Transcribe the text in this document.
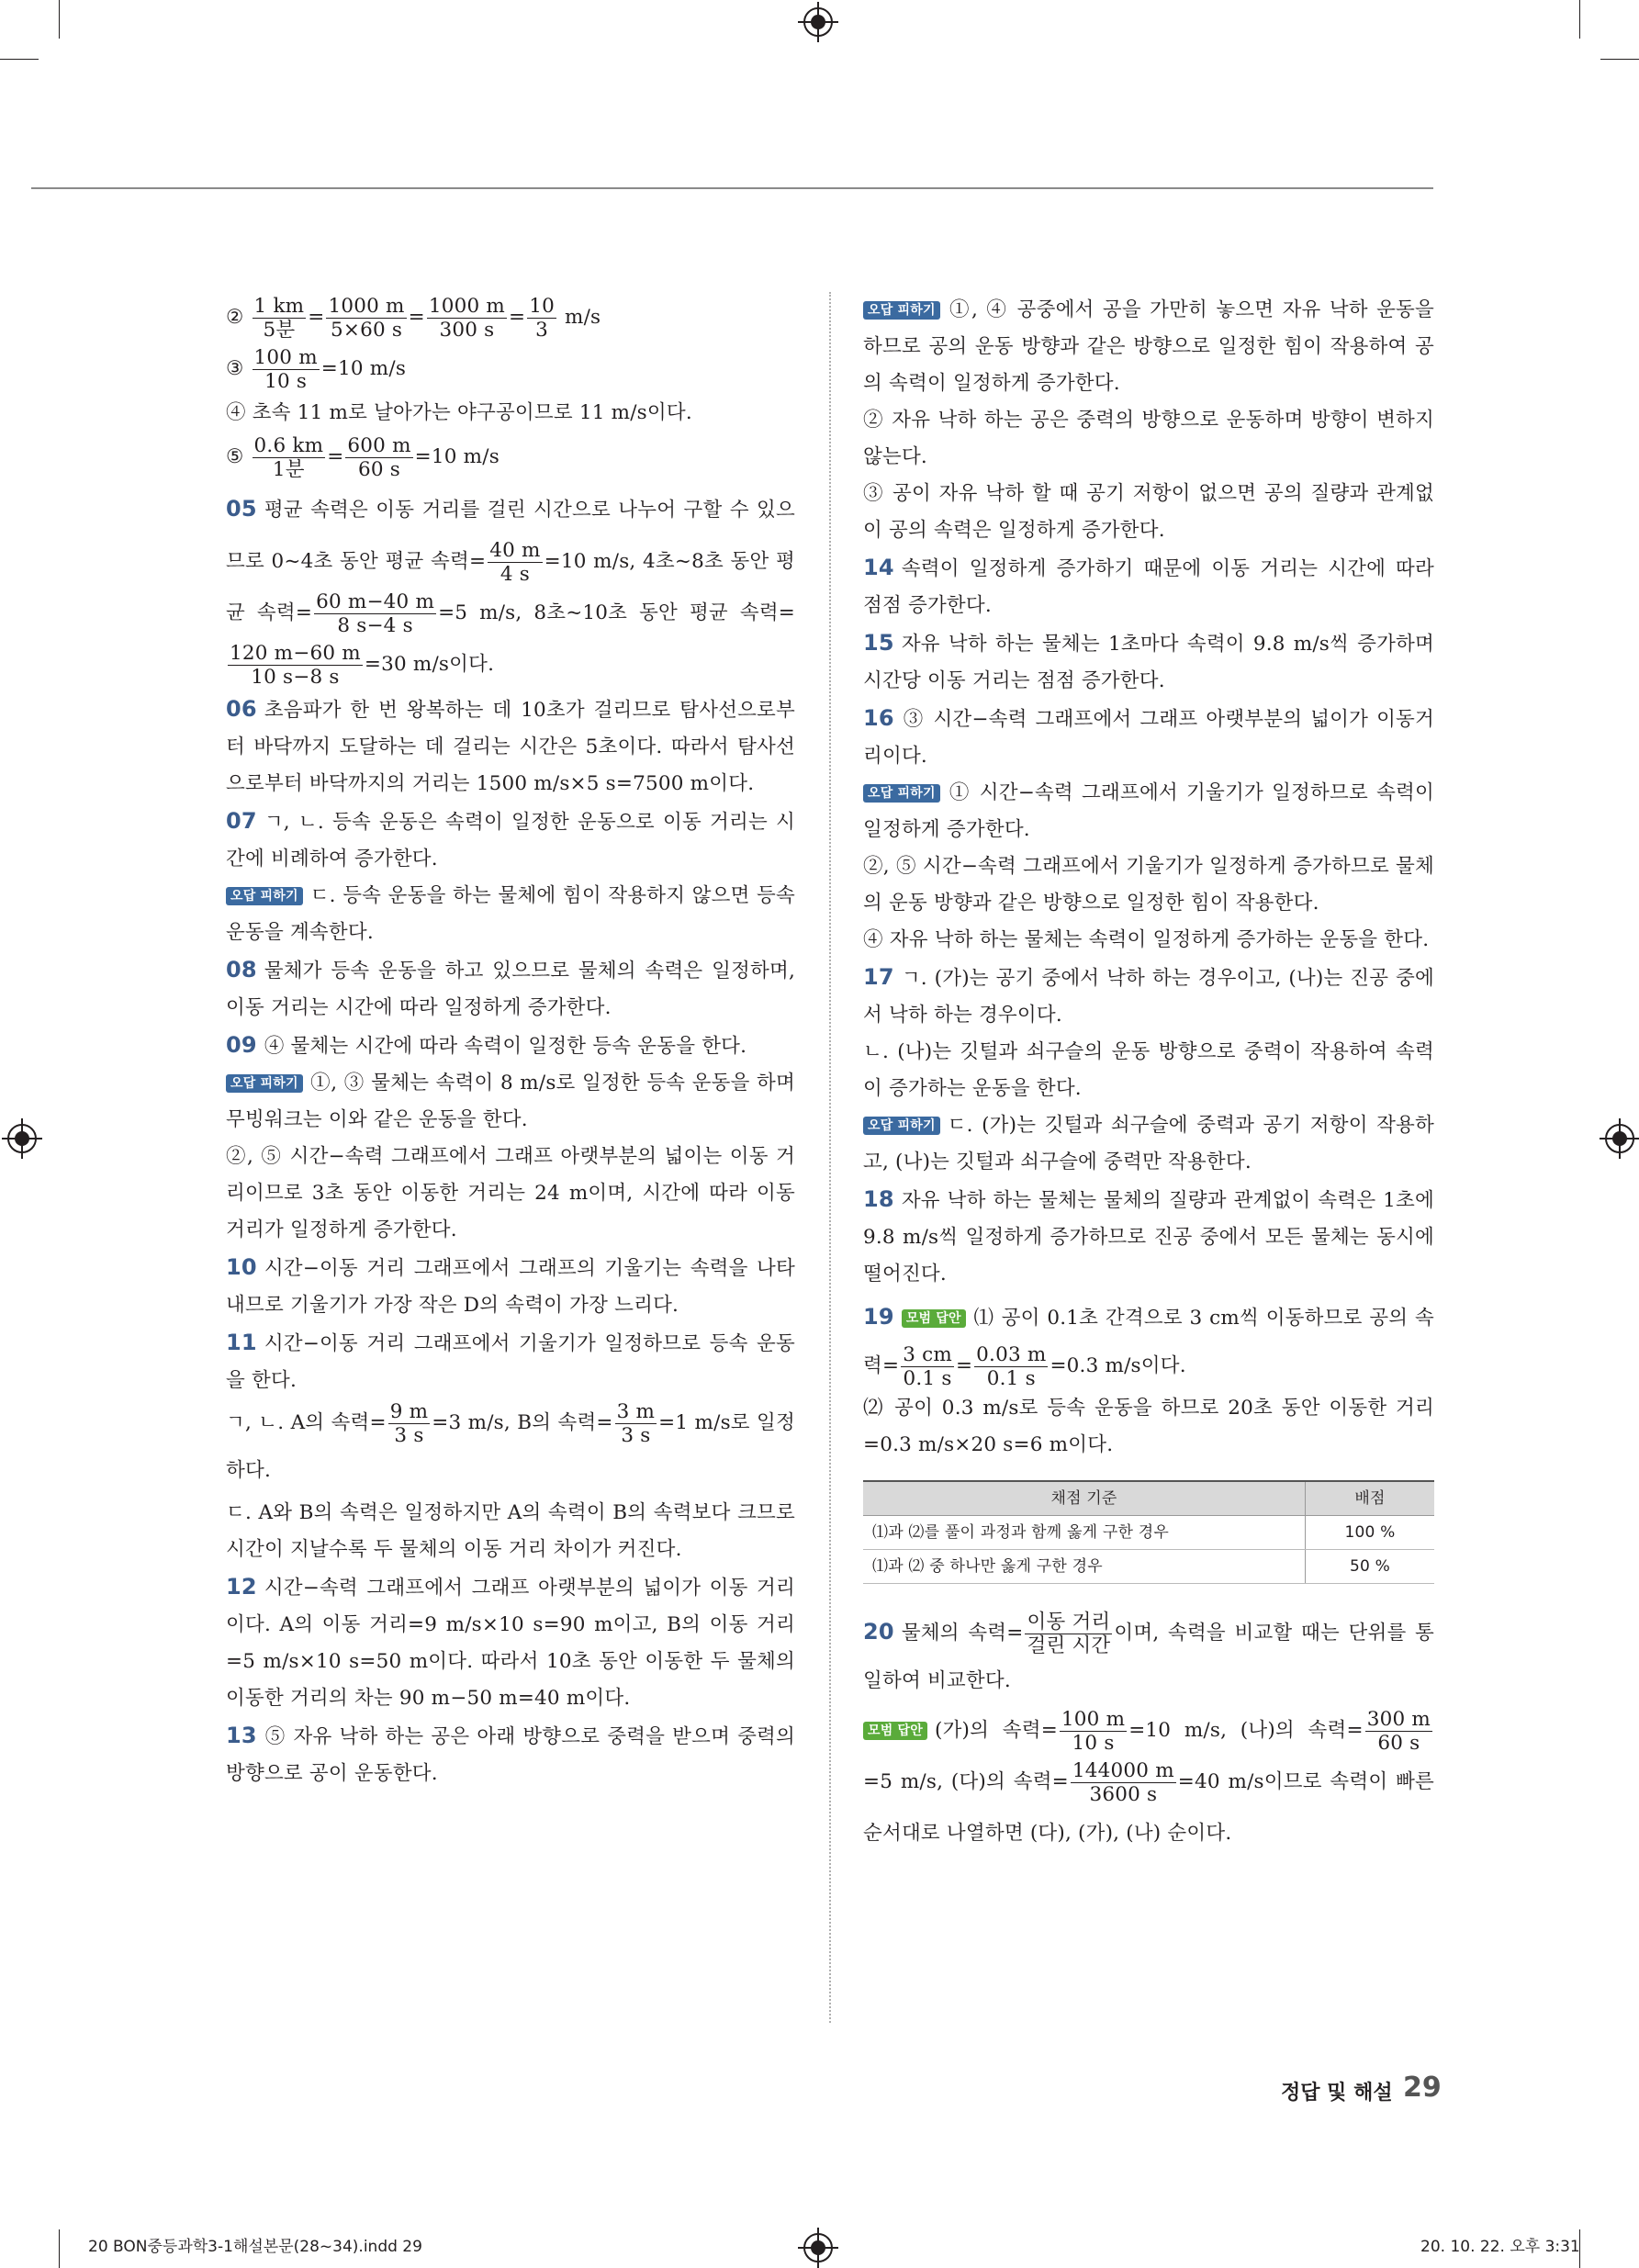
② $\frac{1 km}{\text{5분}} = \frac{1000 m}{5\times 60 s} = \frac{1000 m}{300 s} = \frac{10}{3} m/s$

③ $\frac{100 m}{10 s} =10$ m/s

④ 초속 11 m로 날아가는 야구공이므로 11 m/s이다.

⑤ $\frac{0.6 km}{\text{1분}} = \frac{600 m}{60 s} =10$ m/s

05 평균 속력은 이동 거리를 걸린 시간으로 나누어 구할 수 있으므로 0~4초 동안 평균 속력= $\frac{40 m}{4 s} =10$ m/s, 4초~8초 동안 평균 속력= $\frac{60 m-40 m}{8 s-4 s} =5$ m/s, 8초~10초 동안 평균 속력=
$\frac{120 m-60 m}{10 s-8 s} =30$ m/s이다.

06 초음파가 한 번 왕복하는 데 10초가 걸리므로 탐사선으로부터 바닥까지 도달하는 데 걸리는 시간은 5초이다. 따라서 탐사선으로부터 바닥까지의 거리는 1500 m/s×5 s=7500 m이다.

07 ㄱ, ㄴ. 등속 운동은 속력이 일정한 운동으로 이동 거리는 시간에 비례하여 증가한다.

오답 피하기 ㄷ. 등속 운동을 하는 물체에 힘이 작용하지 않으면 등속 운동을 계속한다.

08 물체가 등속 운동을 하고 있으므로 물체의 속력은 일정하며, 이동 거리는 시간에 따라 일정하게 증가한다.

09 ④ 물체는 시간에 따라 속력이 일정한 등속 운동을 한다.

오답 피하기 ①, ③ 물체는 속력이 8 m/s로 일정한 등속 운동을 하며 무빙워크는 이와 같은 운동을 한다.

②, ⑤ 시간−속력 그래프에서 그래프 아랫부분의 넓이는 이동 거리이므로 3초 동안 이동한 거리는 24 m이며, 시간에 따라 이동 거리가 일정하게 증가한다.

10 시간−이동 거리 그래프에서 그래프의 기울기는 속력을 나타내므로 기울기가 가장 작은 D의 속력이 가장 느리다.

11 시간−이동 거리 그래프에서 기울기가 일정하므로 등속 운동을 한다.

ㄱ, ㄴ. A의 속력= $\frac{9 m}{3 s} =3$ m/s, B의 속력= $\frac{3 m}{3 s} =1$ m/s로 일정하다.

ㄷ. A와 B의 속력은 일정하지만 A의 속력이 B의 속력보다 크므로 시간이 지날수록 두 물체의 이동 거리 차이가 커진다.

12 시간−속력 그래프에서 그래프 아랫부분의 넓이가 이동 거리이다. A의 이동 거리=9 m/s×10 s=90 m이고, B의 이동 거리=5 m/s×10 s=50 m이다. 따라서 10초 동안 이동한 두 물체의 이동한 거리의 차는 90 m−50 m=40 m이다.

13 ⑤ 자유 낙하 하는 공은 아래 방향으로 중력을 받으며 중력의 방향으로 공이 운동한다.

오답 피하기 ①, ④ 공중에서 공을 가만히 놓으면 자유 낙하 운동을 하므로 공의 운동 방향과 같은 방향으로 일정한 힘이 작용하여 공의 속력이 일정하게 증가한다.

② 자유 낙하 하는 공은 중력의 방향으로 운동하며 방향이 변하지 않는다.

③ 공이 자유 낙하 할 때 공기 저항이 없으면 공의 질량과 관계없이 공의 속력은 일정하게 증가한다.

14 속력이 일정하게 증가하기 때문에 이동 거리는 시간에 따라 점점 증가한다.

15 자유 낙하 하는 물체는 1초마다 속력이 9.8 m/s씩 증가하며 시간당 이동 거리는 점점 증가한다.

16 ③ 시간−속력 그래프에서 그래프 아랫부분의 넓이가 이동거리이다.

오답 피하기 ① 시간−속력 그래프에서 기울기가 일정하므로 속력이 일정하게 증가한다.

②, ⑤ 시간−속력 그래프에서 기울기가 일정하게 증가하므로 물체의 운동 방향과 같은 방향으로 일정한 힘이 작용한다.

④ 자유 낙하 하는 물체는 속력이 일정하게 증가하는 운동을 한다.

17 ㄱ. (가)는 공기 중에서 낙하 하는 경우이고, (나)는 진공 중에서 낙하 하는 경우이다.

ㄴ. (나)는 깃털과 쇠구슬의 운동 방향으로 중력이 작용하여 속력이 증가하는 운동을 한다.

오답 피하기 ㄷ. (가)는 깃털과 쇠구슬에 중력과 공기 저항이 작용하고, (나)는 깃털과 쇠구슬에 중력만 작용한다.

18 자유 낙하 하는 물체는 물체의 질량과 관계없이 속력은 1초에 9.8 m/s씩 일정하게 증가하므로 진공 중에서 모든 물체는 동시에 떨어진다.

19 모범 답안 ⑴ 공이 0.1초 간격으로 3 cm씩 이동하므로 공의 속력= $\frac{3 cm}{0.1 s} = \frac{0.03 m}{0.1 s} =0.3$ m/s이다.

⑵ 공이 0.3 m/s로 등속 운동을 하므로 20초 동안 이동한 거리=0.3 m/s×20 s=6 m이다.

채점 기준	배점
⑴과 ⑵를 풀이 과정과 함께 옳게 구한 경우	100 %
⑴과 ⑵ 중 하나만 옳게 구한 경우	50 %

20 물체의 속력= $\frac{\text{이동 거리}}{\text{걸린 시간}}$ 이며, 속력을 비교할 때는 단위를 통일하여 비교한다.

모범 답안 (가)의 속력= $\frac{100 m}{10 s} =10$ m/s, (나)의 속력= $\frac{300 m}{60 s}$
=5 m/s, (다)의 속력= $\frac{144000 m}{3600 s} =40$ m/s이므로 속력이 빠른 순서대로 나열하면 (다), (가), (나) 순이다.

정답 및 해설 29
20 BON중등과학3-1해설본문(28~34).indd 29	20. 10. 22. 오후 3:31
